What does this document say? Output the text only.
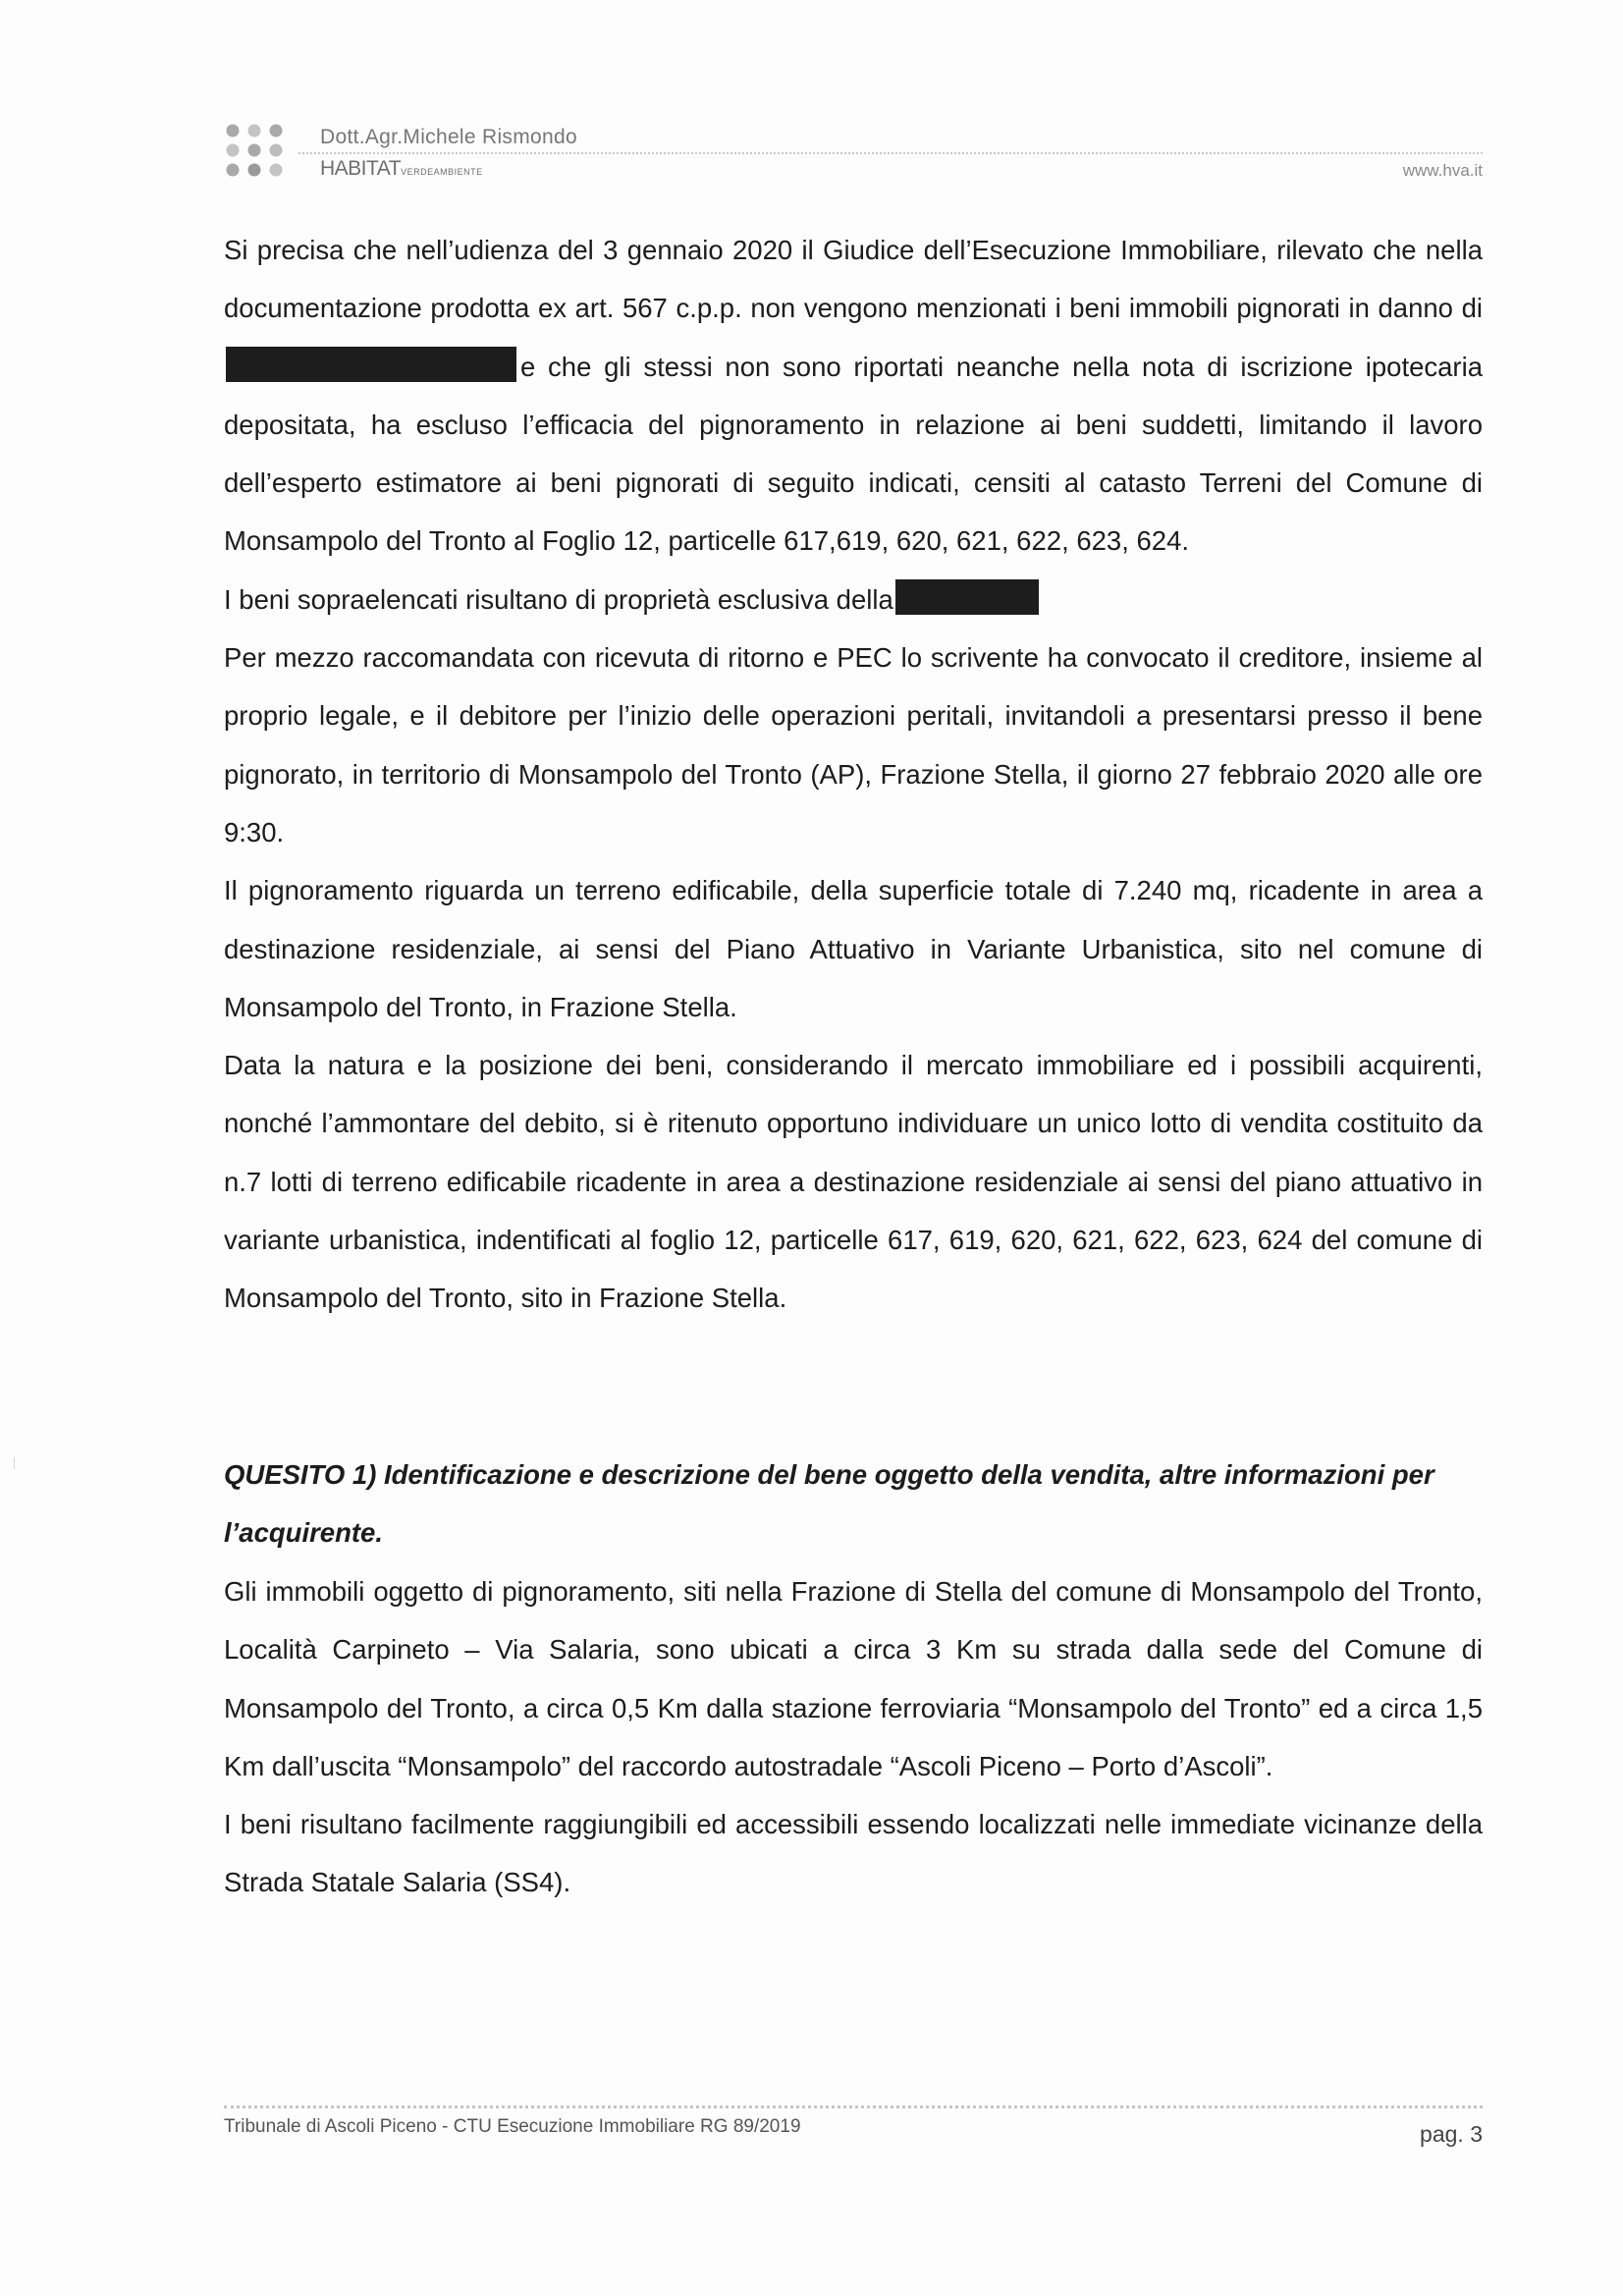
Dott.Agr.Michele Rismondo
HABITATVERDEAMBIENTE	www.hva.it

Si precisa che nell’udienza del 3 gennaio 2020 il Giudice dell’Esecuzione Immobiliare, rilevato che nella documentazione prodotta ex art. 567 c.p.p. non vengono menzionati i beni immobili pignorati in danno die che gli stessi non sono riportati neanche nella nota di iscrizione ipotecaria depositata, ha escluso l’efficacia del pignoramento in relazione ai beni suddetti, limitando il lavoro dell’esperto estimatore ai beni pignorati di seguito indicati, censiti al catasto Terreni del Comune di Monsampolo del Tronto al Foglio 12, particelle 617,619, 620, 621, 622, 623, 624.

I beni sopraelencati risultano di proprietà esclusiva della

Per mezzo raccomandata con ricevuta di ritorno e PEC lo scrivente ha convocato il creditore, insieme al proprio legale, e il debitore per l’inizio delle operazioni peritali, invitandoli a presentarsi presso il bene pignorato, in territorio di Monsampolo del Tronto (AP), Frazione Stella, il giorno 27 febbraio 2020 alle ore 9:30.

Il pignoramento riguarda un terreno edificabile, della superficie totale di 7.240 mq, ricadente in area a destinazione residenziale, ai sensi del Piano Attuativo in Variante Urbanistica, sito nel comune di Monsampolo del Tronto, in Frazione Stella.

Data la natura e la posizione dei beni, considerando il mercato immobiliare ed i possibili acquirenti, nonché l’ammontare del debito, si è ritenuto opportuno individuare un unico lotto di vendita costituito da n.7 lotti di terreno edificabile ricadente in area a destinazione residenziale ai sensi del piano attuativo in variante urbanistica, indentificati al foglio 12, particelle 617, 619, 620, 621, 622, 623, 624 del comune di Monsampolo del Tronto, sito in Frazione Stella.

QUESITO 1) Identificazione e descrizione del bene oggetto della vendita, altre informazioni per l’acquirente.

Gli immobili oggetto di pignoramento, siti nella Frazione di Stella del comune di Monsampolo del Tronto, Località Carpineto – Via Salaria, sono ubicati a circa 3 Km su strada dalla sede del Comune di Monsampolo del Tronto, a circa 0,5 Km dalla stazione ferroviaria “Monsampolo del Tronto” ed a circa 1,5 Km dall’uscita “Monsampolo” del raccordo autostradale “Ascoli Piceno – Porto d’Ascoli”.

I beni risultano facilmente raggiungibili ed accessibili essendo localizzati nelle immediate vicinanze della Strada Statale Salaria (SS4).

Tribunale di Ascoli Piceno - CTU Esecuzione Immobiliare RG 89/2019	pag. 3
